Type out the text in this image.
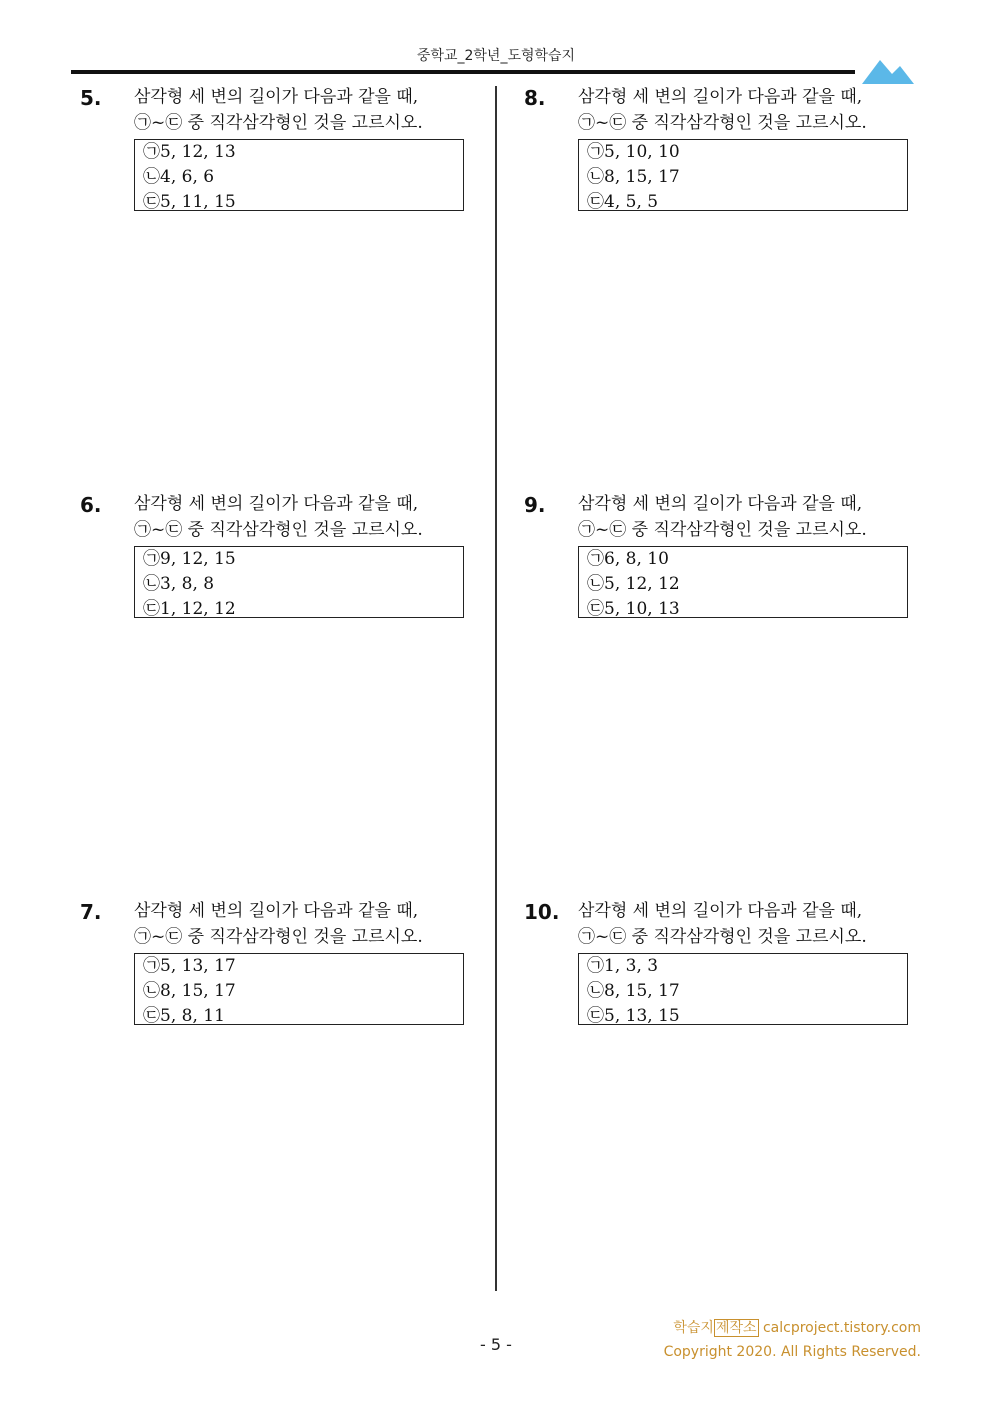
중학교_2학년_도형학습지
5. 삼각형 세 변의 길이가 다음과 같을 때,
㉠~㉢ 중 직각삼각형인 것을 고르시오.
㉠5, 12, 13
㉡4, 6, 6
㉢5, 11, 15
6. 삼각형 세 변의 길이가 다음과 같을 때,
㉠~㉢ 중 직각삼각형인 것을 고르시오.
㉠9, 12, 15
㉡3, 8, 8
㉢1, 12, 12
7. 삼각형 세 변의 길이가 다음과 같을 때,
㉠~㉢ 중 직각삼각형인 것을 고르시오.
㉠5, 13, 17
㉡8, 15, 17
㉢5, 8, 11
8. 삼각형 세 변의 길이가 다음과 같을 때,
㉠~㉢ 중 직각삼각형인 것을 고르시오.
㉠5, 10, 10
㉡8, 15, 17
㉢4, 5, 5
9. 삼각형 세 변의 길이가 다음과 같을 때,
㉠~㉢ 중 직각삼각형인 것을 고르시오.
㉠6, 8, 10
㉡5, 12, 12
㉢5, 10, 13
10. 삼각형 세 변의 길이가 다음과 같을 때,
㉠~㉢ 중 직각삼각형인 것을 고르시오.
㉠1, 3, 3
㉡8, 15, 17
㉢5, 13, 15
학습지 제작소 calcproject.tistory.com
Copyright 2020. All Rights Reserved.
- 5 -
